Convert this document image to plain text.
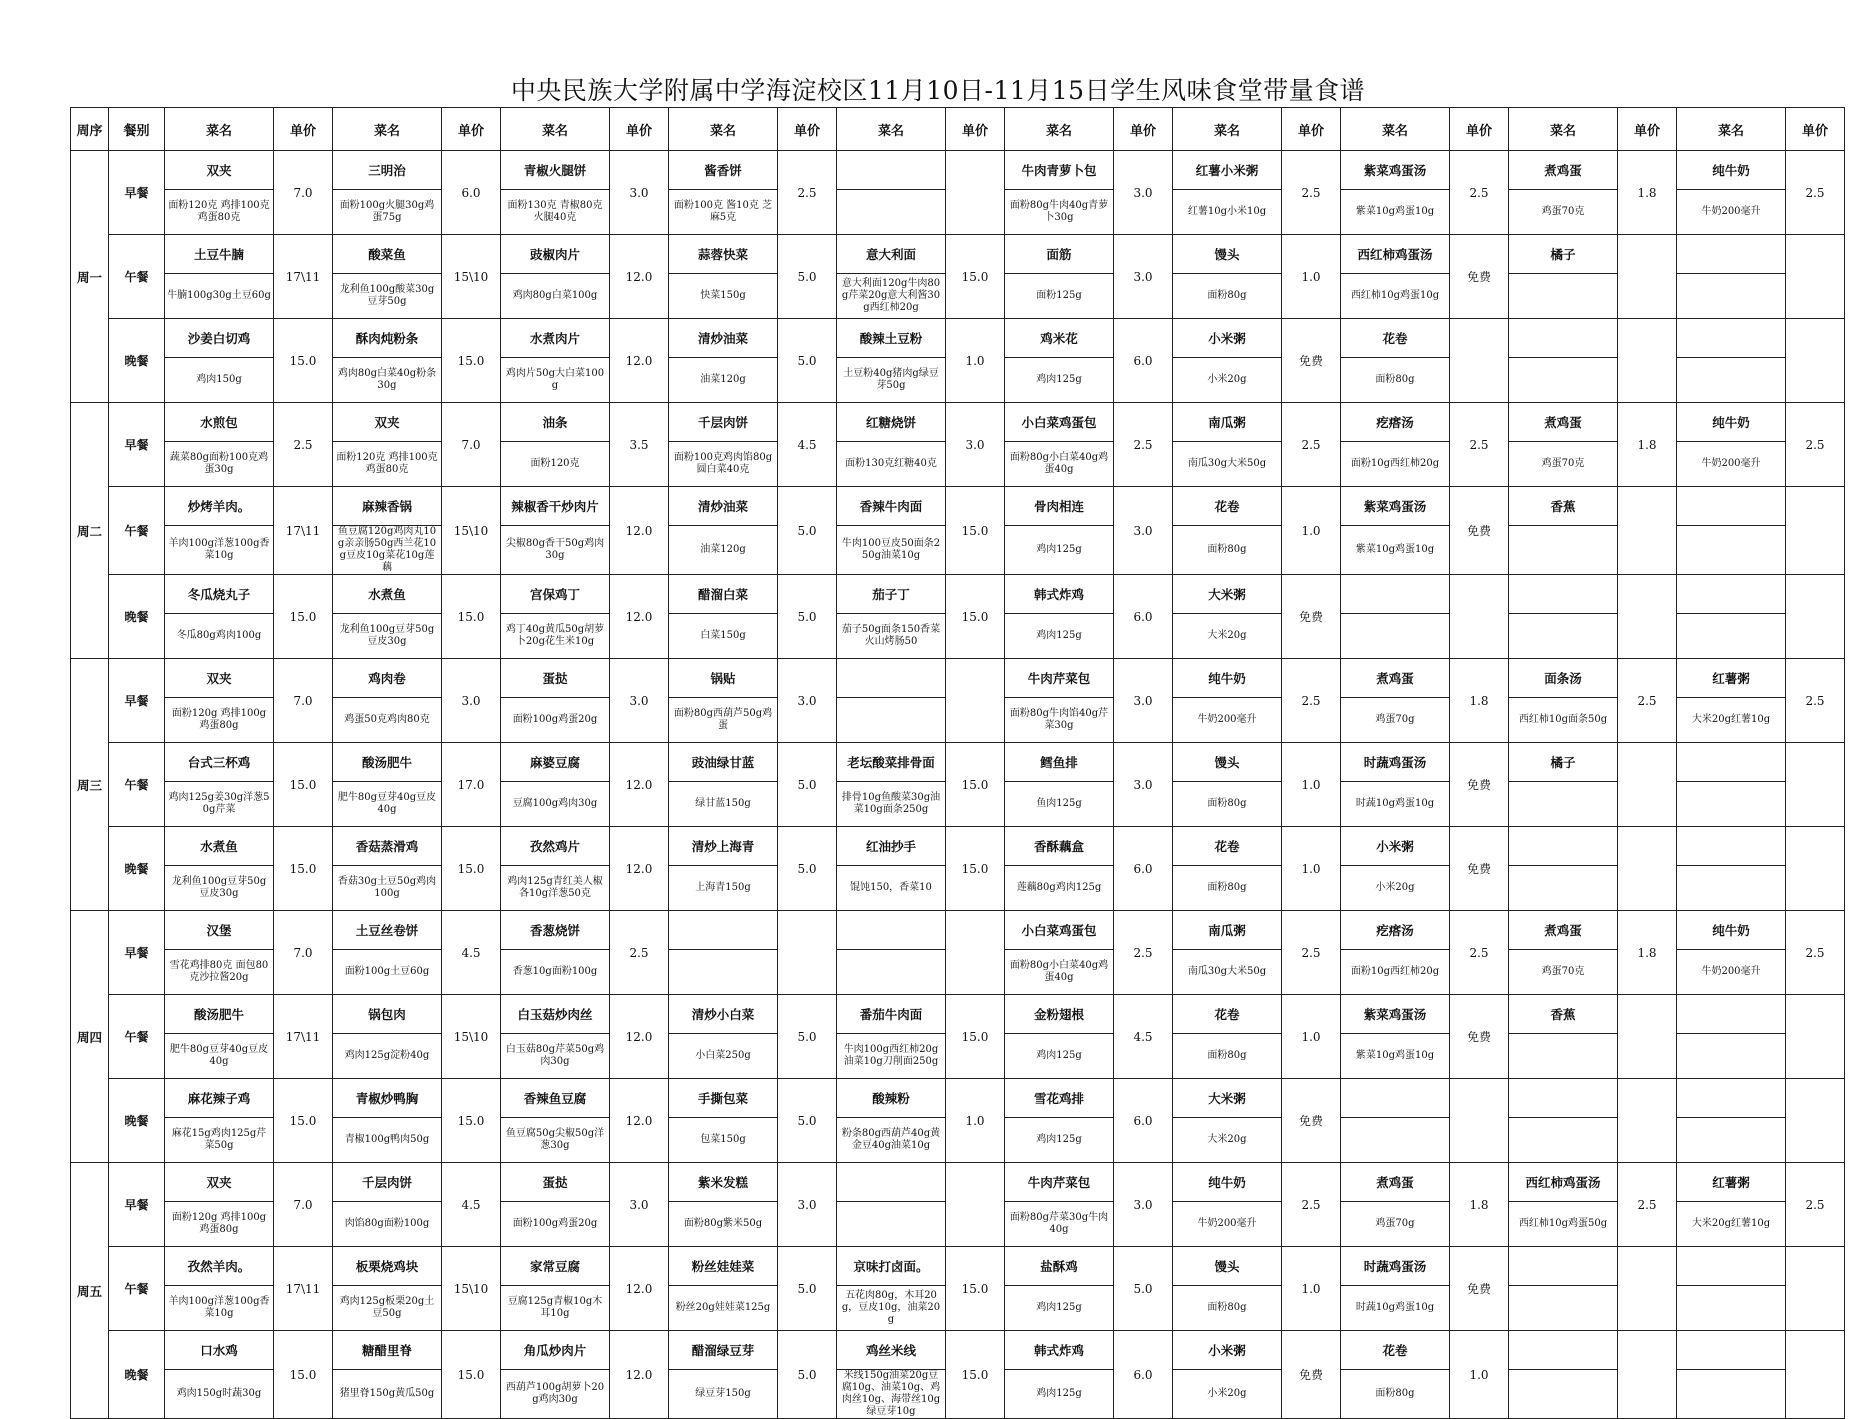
中央民族大学附属中学海淀校区11月10日-11月15日学生风味食堂带量食谱
周序	餐别	菜名	单价	菜名	单价	菜名	单价	菜名	单价	菜名	单价	菜名	单价	菜名	单价	菜名	单价	菜名	单价	菜名	单价
周一	早餐	双夹	7.0	三明治	6.0	青椒火腿饼	3.0	酱香饼	2.5			牛肉青萝卜包	3.0	红薯小米粥	2.5	紫菜鸡蛋汤	2.5	煮鸡蛋	1.8	纯牛奶	2.5

		面粉120克 鸡排100克鸡蛋80克		面粉100g火腿30g鸡蛋75g		面粉130克 青椒80克火腿40克		面粉100克 酱10克 芝麻5克				面粉80g牛肉40g青萝卜30g		红薯10g小米10g		紫菜10g鸡蛋10g		鸡蛋70克		牛奶200毫升	

	午餐	土豆牛腩	17\11	酸菜鱼	15\10	豉椒肉片	12.0	蒜蓉快菜	5.0	意大利面	15.0	面筋	3.0	馒头	1.0	西红柿鸡蛋汤	免费	橘子			

		牛腩100g30g土豆60g		龙利鱼100g酸菜30g豆芽50g		鸡肉80g白菜100g		快菜150g		意大利面120g牛肉80g芹菜20g意大利酱30g西红柿20g		面粉125g		面粉80g		西红柿10g鸡蛋10g					

	晚餐	沙姜白切鸡	15.0	酥肉炖粉条	15.0	水煮肉片	12.0	清炒油菜	5.0	酸辣土豆粉	1.0	鸡米花	6.0	小米粥	免费	花卷					

		鸡肉150g		鸡肉80g白菜40g粉条30g		鸡肉片50g大白菜100g		油菜120g		土豆粉40g猪肉g绿豆芽50g		鸡肉125g		小米20g		面粉80g					

周二	早餐	水煎包	2.5	双夹	7.0	油条	3.5	千层肉饼	4.5	红糖烧饼	3.0	小白菜鸡蛋包	2.5	南瓜粥	2.5	疙瘩汤	2.5	煮鸡蛋	1.8	纯牛奶	2.5

		蔬菜80g面粉100克鸡蛋30g		面粉120克 鸡排100克鸡蛋80克		面粉120克		面粉100克鸡肉馅80g圆白菜40克		面粉130克红糖40克		面粉80g小白菜40g鸡蛋40g		南瓜30g大米50g		面粉10g西红柿20g		鸡蛋70克		牛奶200毫升	

	午餐	炒烤羊肉。	17\11	麻辣香锅	15\10	辣椒香干炒肉片	12.0	清炒油菜	5.0	香辣牛肉面	15.0	骨肉相连	3.0	花卷	1.0	紫菜鸡蛋汤	免费	香蕉			

		羊肉100g洋葱100g香菜10g		鱼豆腐120g鸡肉丸10g亲亲肠50g西兰花10g豆皮10g菜花10g莲藕		尖椒80g香干50g鸡肉30g		油菜120g		牛肉100豆皮50面条250g油菜10g		鸡肉125g		面粉80g		紫菜10g鸡蛋10g					

	晚餐	冬瓜烧丸子	15.0	水煮鱼	15.0	宫保鸡丁	12.0	醋溜白菜	5.0	茄子丁	15.0	韩式炸鸡	6.0	大米粥	免费						

		冬瓜80g鸡肉100g		龙利鱼100g豆芽50g豆皮30g		鸡丁40g黄瓜50g胡萝卜20g花生米10g		白菜150g		茄子50g面条150香菜火山烤肠50		鸡肉125g		大米20g							

周三	早餐	双夹	7.0	鸡肉卷	3.0	蛋挞	3.0	锅贴	3.0			牛肉芹菜包	3.0	纯牛奶	2.5	煮鸡蛋	1.8	面条汤	2.5	红薯粥	2.5

		面粉120g 鸡排100g鸡蛋80g		鸡蛋50克鸡肉80克		面粉100g鸡蛋20g		面粉80g西葫芦50g鸡蛋				面粉80g牛肉馅40g芹菜30g		牛奶200毫升		鸡蛋70g		西红柿10g面条50g		大米20g红薯10g	

	午餐	台式三杯鸡	15.0	酸汤肥牛	17.0	麻婆豆腐	12.0	豉油绿甘蓝	5.0	老坛酸菜排骨面	15.0	鳕鱼排	3.0	馒头	1.0	时蔬鸡蛋汤	免费	橘子			

		鸡肉125g姜30g洋葱50g芹菜		肥牛80g豆芽40g豆皮40g		豆腐100g鸡肉30g		绿甘蓝150g		排骨10g鱼酸菜30g油菜10g面条250g		鱼肉125g		面粉80g		时蔬10g鸡蛋10g					

	晚餐	水煮鱼	15.0	香菇蒸滑鸡	15.0	孜然鸡片	12.0	清炒上海青	5.0	红油抄手	15.0	香酥藕盒	6.0	花卷	1.0	小米粥	免费				

		龙利鱼100g豆芽50g豆皮30g		香菇30g土豆50g鸡肉100g		鸡肉125g青红美人椒各10g洋葱50克		上海青150g		馄饨150，香菜10		莲藕80g鸡肉125g		面粉80g		小米20g					

周四	早餐	汉堡	7.0	土豆丝卷饼	4.5	香葱烧饼	2.5					小白菜鸡蛋包	2.5	南瓜粥	2.5	疙瘩汤	2.5	煮鸡蛋	1.8	纯牛奶	2.5

		雪花鸡排80克 面包80克沙拉酱20g		面粉100g土豆60g		香葱10g面粉100g						面粉80g小白菜40g鸡蛋40g		南瓜30g大米50g		面粉10g西红柿20g		鸡蛋70克		牛奶200毫升	

	午餐	酸汤肥牛	17\11	锅包肉	15\10	白玉菇炒肉丝	12.0	清炒小白菜	5.0	番茄牛肉面	15.0	金粉翅根	4.5	花卷	1.0	紫菜鸡蛋汤	免费	香蕉			

		肥牛80g豆芽40g豆皮40g		鸡肉125g淀粉40g		白玉菇80g芹菜50g鸡肉30g		小白菜250g		牛肉100g西红柿20g油菜10g刀削面250g		鸡肉125g		面粉80g		紫菜10g鸡蛋10g					

	晚餐	麻花辣子鸡	15.0	青椒炒鸭胸	15.0	香辣鱼豆腐	12.0	手撕包菜	5.0	酸辣粉	1.0	雪花鸡排	6.0	大米粥	免费						

		麻花15g鸡肉125g芹菜50g		青椒100g鸭肉50g		鱼豆腐50g尖椒50g洋葱30g		包菜150g		粉条80g西葫芦40g黄金豆40g油菜10g		鸡肉125g		大米20g							

周五	早餐	双夹	7.0	千层肉饼	4.5	蛋挞	3.0	紫米发糕	3.0			牛肉芹菜包	3.0	纯牛奶	2.5	煮鸡蛋	1.8	西红柿鸡蛋汤	2.5	红薯粥	2.5

		面粉120g 鸡排100g鸡蛋80g		肉馅80g面粉100g		面粉100g鸡蛋20g		面粉80g紫米50g				面粉80g芹菜30g牛肉40g		牛奶200毫升		鸡蛋70g		西红柿10g鸡蛋50g		大米20g红薯10g	

	午餐	孜然羊肉。	17\11	板栗烧鸡块	15\10	家常豆腐	12.0	粉丝娃娃菜	5.0	京味打卤面。	15.0	盐酥鸡	5.0	馒头	1.0	时蔬鸡蛋汤	免费				

		羊肉100g洋葱100g香菜10g		鸡肉125g板栗20g土豆50g		豆腐125g青椒10g木耳10g		粉丝20g娃娃菜125g		五花肉80g，木耳20g，豆皮10g，油菜20g		鸡肉125g		面粉80g		时蔬10g鸡蛋10g					

	晚餐	口水鸡	15.0	糖醋里脊	15.0	角瓜炒肉片	12.0	醋溜绿豆芽	5.0	鸡丝米线	15.0	韩式炸鸡	6.0	小米粥	免费	花卷	1.0				

		鸡肉150g时蔬30g		猪里脊150g黄瓜50g		西葫芦100g胡萝卜20g鸡肉30g		绿豆芽150g		米线150g油菜20g豆腐10g、油菜10g、鸡肉丝10g、海带丝10g绿豆芽10g		鸡肉125g		小米20g		面粉80g					
